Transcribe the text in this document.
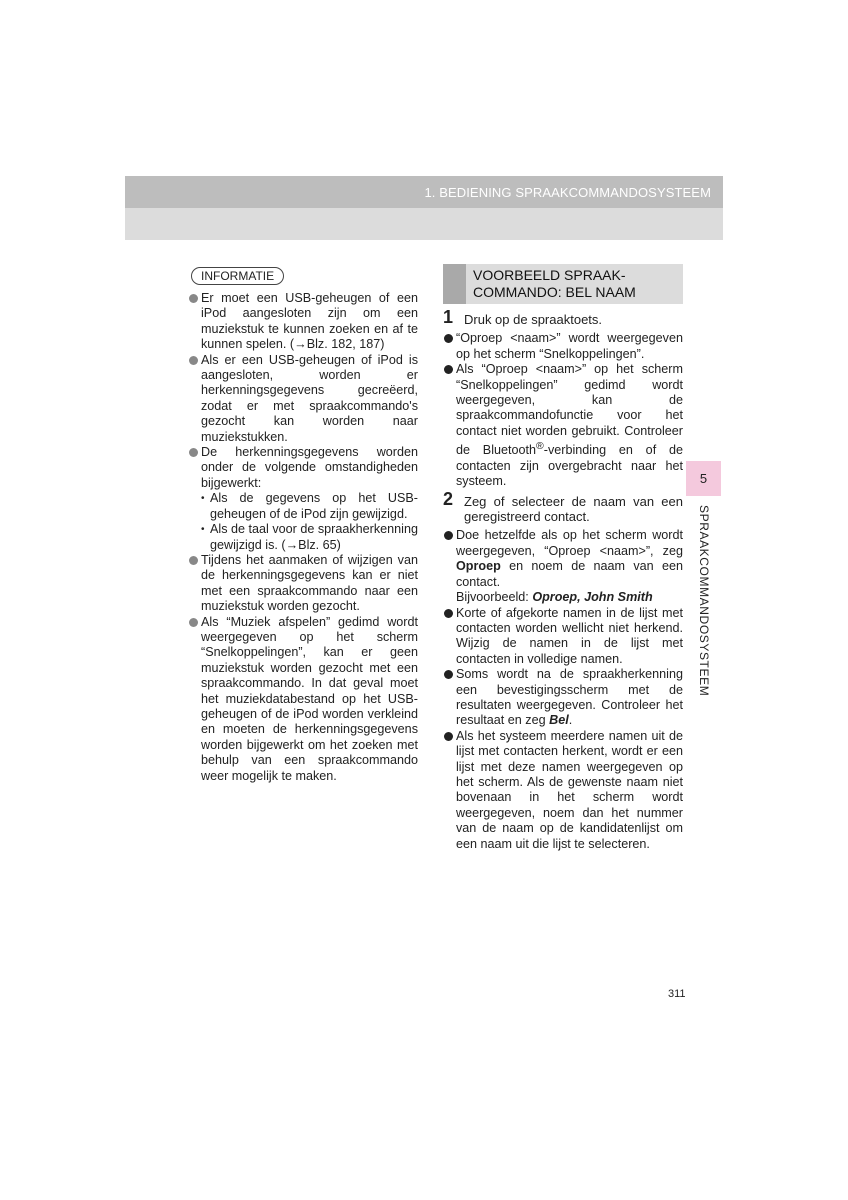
1. BEDIENING SPRAAKCOMMANDOSYSTEEM
INFORMATIE

Er moet een USB-geheugen of een iPod aangesloten zijn om een muziekstuk te kunnen zoeken en af te kunnen spelen. (→Blz. 182, 187)

Als er een USB-geheugen of iPod is aangesloten, worden er herkenningsgegevens gecreëerd, zodat er met spraakcommando's gezocht kan worden naar muziekstukken.

De herkenningsgegevens worden onder de volgende omstandigheden bijgewerkt:

• Als de gegevens op het USB-geheugen of de iPod zijn gewijzigd.

• Als de taal voor de spraakherkenning gewijzigd is. (→Blz. 65)

Tijdens het aanmaken of wijzigen van de herkenningsgegevens kan er niet met een spraakcommando naar een muziekstuk worden gezocht.

Als “Muziek afspelen” gedimd wordt weergegeven op het scherm “Snelkoppelingen”, kan er geen muziekstuk worden gezocht met een spraakcommando. In dat geval moet het muziekdatabestand op het USB-geheugen of de iPod worden verkleind en moeten de herkenningsgegevens worden bijgewerkt om het zoeken met behulp van een spraakcommando weer mogelijk te maken.

VOORBEELD SPRAAK-
COMMANDO: BEL NAAM

1 Druk op de spraaktoets.

“Oproep <naam>” wordt weergegeven op het scherm “Snelkoppelingen”.

Als “Oproep <naam>” op het scherm “Snelkoppelingen” gedimd wordt weergegeven, kan de spraakcommandofunctie voor het contact niet worden gebruikt. Controleer de Bluetooth®-verbinding en of de contacten zijn overgebracht naar het systeem.

2 Zeg of selecteer de naam van een geregistreerd contact.

Doe hetzelfde als op het scherm wordt weergegeven, “Oproep <naam>”, zeg Oproep en noem de naam van een contact.
Bijvoorbeeld: Oproep, John Smith

Korte of afgekorte namen in de lijst met contacten worden wellicht niet herkend. Wijzig de namen in de lijst met contacten in volledige namen.

Soms wordt na de spraakherkenning een bevestigingsscherm met de resultaten weergegeven. Controleer het resultaat en zeg Bel.

Als het systeem meerdere namen uit de lijst met contacten herkent, wordt er een lijst met deze namen weergegeven op het scherm. Als de gewenste naam niet bovenaan in het scherm wordt weergegeven, noem dan het nummer van de naam op de kandidatenlijst om een naam uit die lijst te selecteren.

5
SPRAAKCOMMANDOSYSTEEM
311
